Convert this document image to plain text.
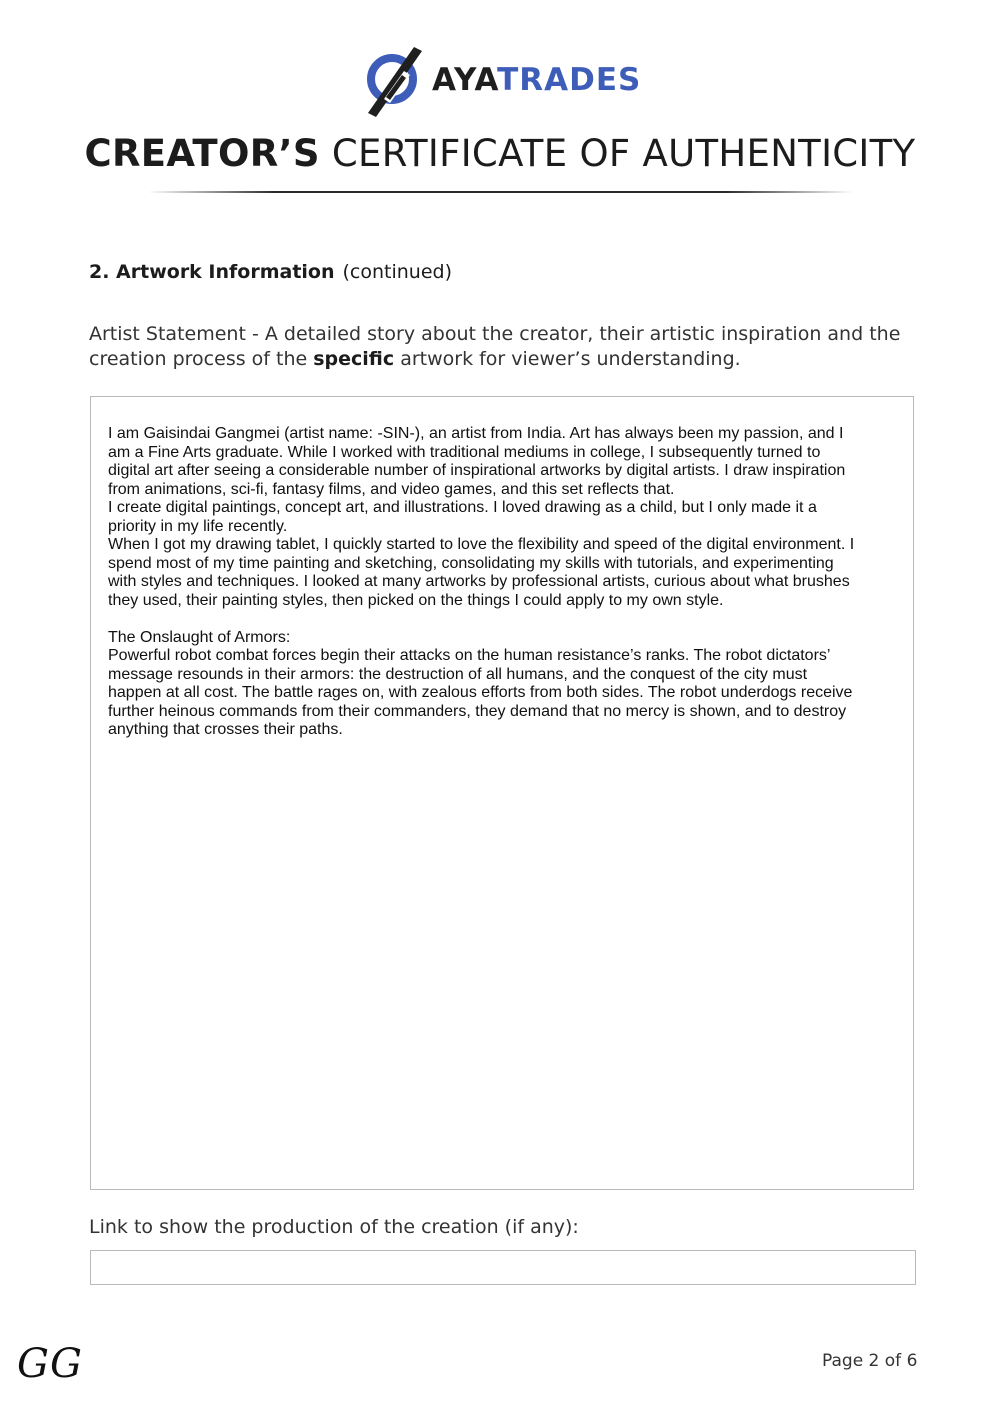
AYATRADES
CREATOR’S CERTIFICATE OF AUTHENTICITY
2. Artwork Information (continued)
Artist Statement - A detailed story about the creator, their artistic inspiration and the creation process of the specific artwork for viewer’s understanding.
I am Gaisindai Gangmei (artist name: -SIN-), an artist from India. Art has always been my passion, and I
am a Fine Arts graduate. While I worked with traditional mediums in college, I subsequently turned to
digital art after seeing a considerable number of inspirational artworks by digital artists. I draw inspiration
from animations, sci-fi, fantasy films, and video games, and this set reflects that.
I create digital paintings, concept art, and illustrations. I loved drawing as a child, but I only made it a
priority in my life recently.
When I got my drawing tablet, I quickly started to love the flexibility and speed of the digital environment. I
spend most of my time painting and sketching, consolidating my skills with tutorials, and experimenting
with styles and techniques. I looked at many artworks by professional artists, curious about what brushes
they used, their painting styles, then picked on the things I could apply to my own style.

The Onslaught of Armors:
Powerful robot combat forces begin their attacks on the human resistance’s ranks. The robot dictators’
message resounds in their armors: the destruction of all humans, and the conquest of the city must
happen at all cost. The battle rages on, with zealous efforts from both sides. The robot underdogs receive
further heinous commands from their commanders, they demand that no mercy is shown, and to destroy
anything that crosses their paths.
Link to show the production of the creation (if any):
GG	Page 2 of 6
